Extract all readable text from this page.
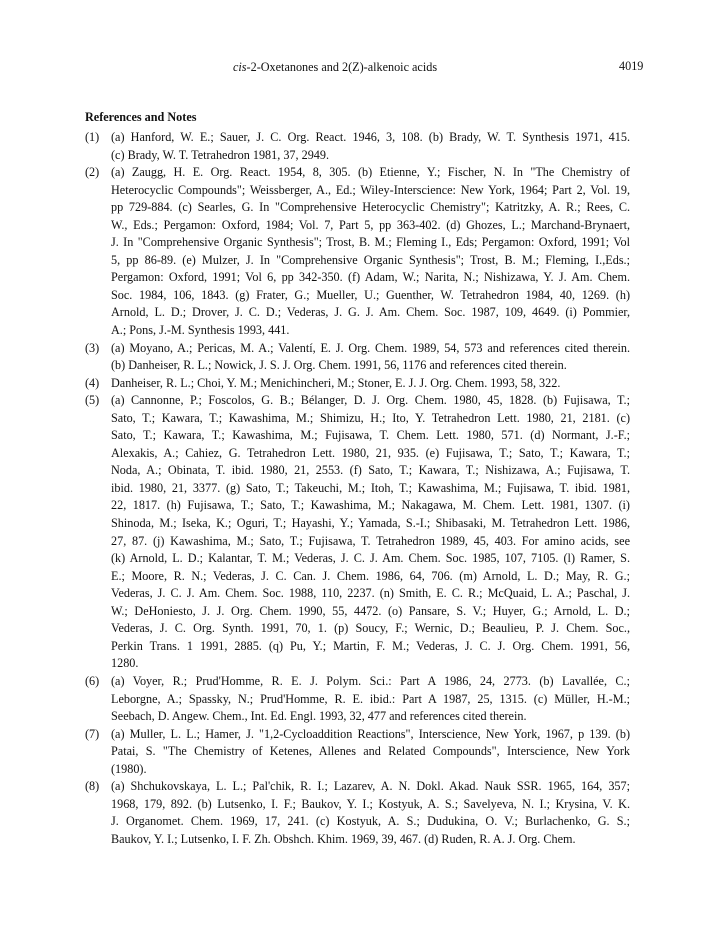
cis-2-Oxetanones and 2(Z)-alkenoic acids	4019
References and Notes
(1) (a) Hanford, W. E.; Sauer, J. C. Org. React. 1946, 3, 108. (b) Brady, W. T. Synthesis 1971, 415.
(c) Brady, W. T. Tetrahedron 1981, 37, 2949.
(2) (a) Zaugg, H. E. Org. React. 1954, 8, 305. (b) Etienne, Y.; Fischer, N. In "The Chemistry of
Heterocyclic Compounds"; Weissberger, A., Ed.; Wiley-Interscience: New York, 1964; Part 2, Vol. 19,
pp 729-884. (c) Searles, G. In "Comprehensive Heterocyclic Chemistry"; Katritzky, A. R.; Rees, C.
W., Eds.; Pergamon: Oxford, 1984; Vol. 7, Part 5, pp 363-402. (d) Ghozes, L.; Marchand-Brynaert,
J. In "Comprehensive Organic Synthesis"; Trost, B. M.; Fleming I., Eds; Pergamon: Oxford, 1991; Vol
5, pp 86-89. (e) Mulzer, J. In "Comprehensive Organic Synthesis"; Trost, B. M.; Fleming, I.,Eds.;
Pergamon: Oxford, 1991; Vol 6, pp 342-350. (f) Adam, W.; Narita, N.; Nishizawa, Y. J. Am. Chem.
Soc. 1984, 106, 1843. (g) Frater, G.; Mueller, U.; Guenther, W. Tetrahedron 1984, 40, 1269. (h)
Arnold, L. D.; Drover, J. C. D.; Vederas, J. G. J. Am. Chem. Soc. 1987, 109, 4649. (i) Pommier,
A.; Pons, J.-M. Synthesis 1993, 441.
(3) (a) Moyano, A.; Pericas, M. A.; Valentí, E. J. Org. Chem. 1989, 54, 573 and references cited therein.
(b) Danheiser, R. L.; Nowick, J. S. J. Org. Chem. 1991, 56, 1176 and references cited therein.
(4) Danheiser, R. L.; Choi, Y. M.; Menichincheri, M.; Stoner, E. J. J. Org. Chem. 1993, 58, 322.
(5) (a) Cannonne, P.; Foscolos, G. B.; Bélanger, D. J. Org. Chem. 1980, 45, 1828. (b) Fujisawa, T.;
Sato, T.; Kawara, T.; Kawashima, M.; Shimizu, H.; Ito, Y. Tetrahedron Lett. 1980, 21, 2181. (c)
Sato, T.; Kawara, T.; Kawashima, M.; Fujisawa, T. Chem. Lett. 1980, 571. (d) Normant, J.-F.;
Alexakis, A.; Cahiez, G. Tetrahedron Lett. 1980, 21, 935. (e) Fujisawa, T.; Sato, T.; Kawara, T.;
Noda, A.; Obinata, T. ibid. 1980, 21, 2553. (f) Sato, T.; Kawara, T.; Nishizawa, A.; Fujisawa, T.
ibid. 1980, 21, 3377. (g) Sato, T.; Takeuchi, M.; Itoh, T.; Kawashima, M.; Fujisawa, T. ibid. 1981,
22, 1817. (h) Fujisawa, T.; Sato, T.; Kawashima, M.; Nakagawa, M. Chem. Lett. 1981, 1307. (i)
Shinoda, M.; Iseka, K.; Oguri, T.; Hayashi, Y.; Yamada, S.-I.; Shibasaki, M. Tetrahedron Lett. 1986,
27, 87. (j) Kawashima, M.; Sato, T.; Fujisawa, T. Tetrahedron 1989, 45, 403. For amino acids, see
(k) Arnold, L. D.; Kalantar, T. M.; Vederas, J. C. J. Am. Chem. Soc. 1985, 107, 7105. (l) Ramer, S.
E.; Moore, R. N.; Vederas, J. C. Can. J. Chem. 1986, 64, 706. (m) Arnold, L. D.; May, R. G.;
Vederas, J. C. J. Am. Chem. Soc. 1988, 110, 2237. (n) Smith, E. C. R.; McQuaid, L. A.; Paschal, J.
W.; DeHoniesto, J. J. Org. Chem. 1990, 55, 4472. (o) Pansare, S. V.; Huyer, G.; Arnold, L. D.;
Vederas, J. C. Org. Synth. 1991, 70, 1. (p) Soucy, F.; Wernic, D.; Beaulieu, P. J. Chem. Soc.,
Perkin Trans. 1 1991, 2885. (q) Pu, Y.; Martin, F. M.; Vederas, J. C. J. Org. Chem. 1991, 56,
1280.
(6) (a) Voyer, R.; Prud'Homme, R. E. J. Polym. Sci.: Part A 1986, 24, 2773. (b) Lavallée, C.;
Leborgne, A.; Spassky, N.; Prud'Homme, R. E. ibid.: Part A 1987, 25, 1315. (c) Müller, H.-M.;
Seebach, D. Angew. Chem., Int. Ed. Engl. 1993, 32, 477 and references cited therein.
(7) (a) Muller, L. L.; Hamer, J. "1,2-Cycloaddition Reactions", Interscience, New York, 1967, p 139. (b)
Patai, S. "The Chemistry of Ketenes, Allenes and Related Compounds", Interscience, New York
(1980).
(8) (a) Shchukovskaya, L. L.; Pal'chik, R. I.; Lazarev, A. N. Dokl. Akad. Nauk SSR. 1965, 164, 357;
1968, 179, 892. (b) Lutsenko, I. F.; Baukov, Y. I.; Kostyuk, A. S.; Savelyeva, N. I.; Krysina, V. K.
J. Organomet. Chem. 1969, 17, 241. (c) Kostyuk, A. S.; Dudukina, O. V.; Burlachenko, G. S.;
Baukov, Y. I.; Lutsenko, I. F. Zh. Obshch. Khim. 1969, 39, 467. (d) Ruden, R. A. J. Org. Chem.
